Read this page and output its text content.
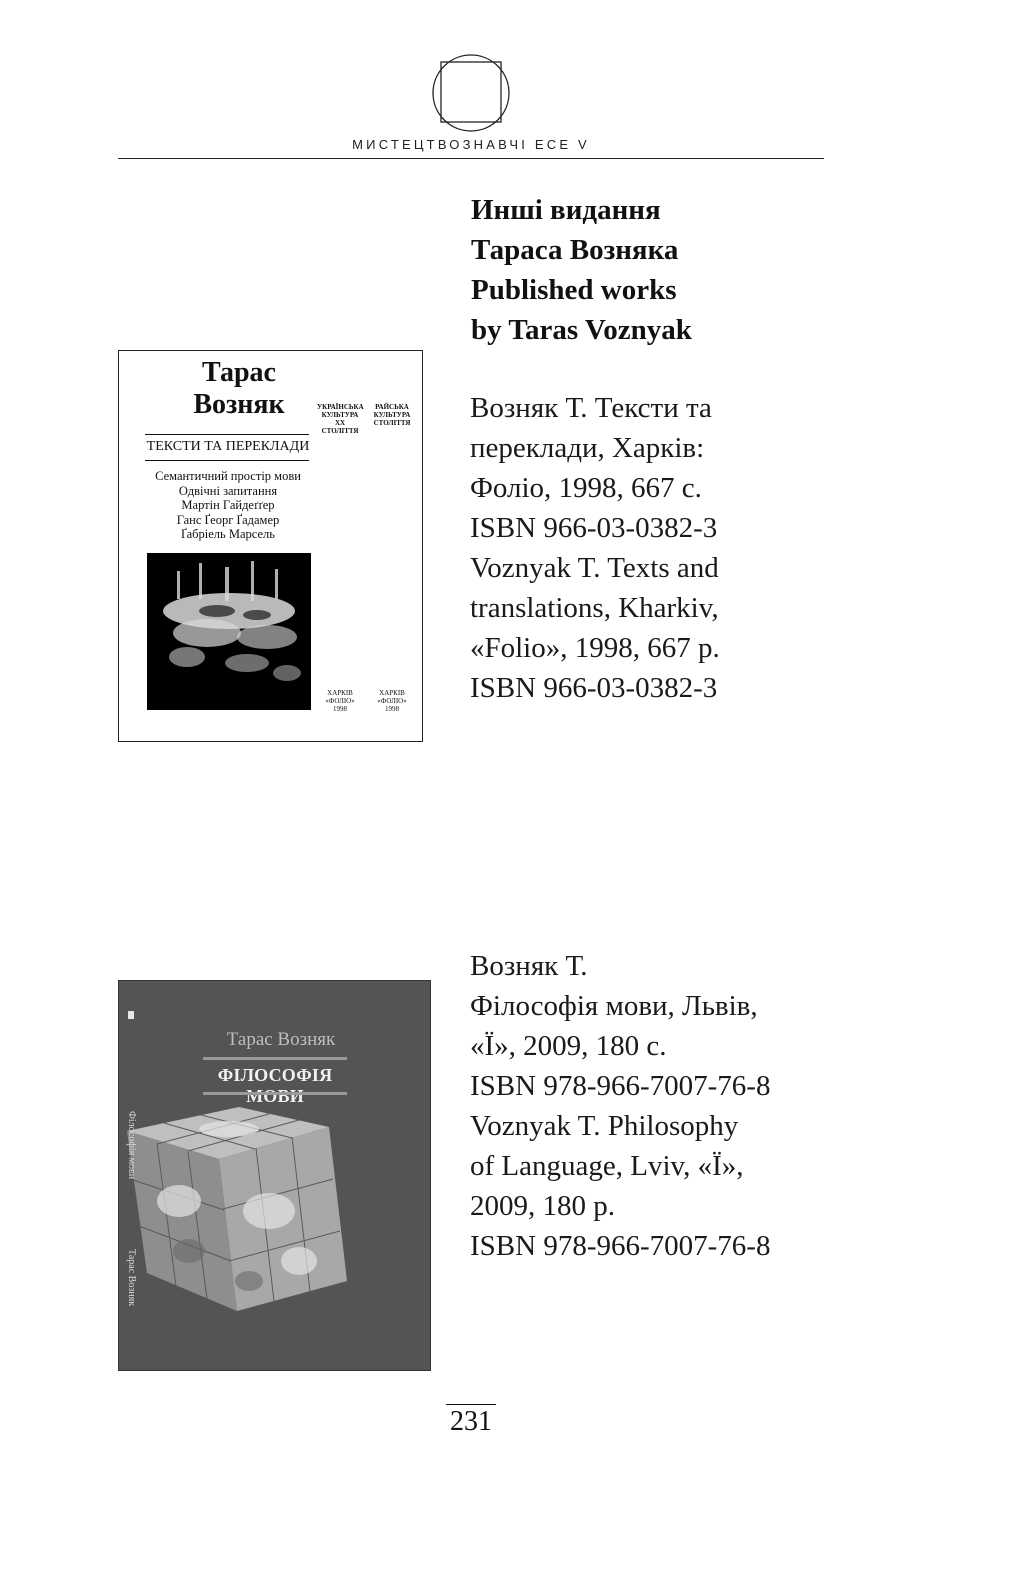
МИСТЕЦТВОЗНАВЧІ ЕСЕ V
Инші видання
Тараса Возняка
Published works
by Taras Voznyak
Тарас
Возняк	УКРАЇНСЬКА
КУЛЬТУРА
XX СТОЛІТТЯ
РАЙСЬКА
КУЛЬТУРА
СТОЛІТТЯ
ТЕКСТИ ТА ПЕРЕКЛАДИ
Семантичний простір мови
Одвічні запитання
Мартін Гайдеґґер
Ганс Ґеорг Ґадамер
Ґабріель Марсель
ХАРКІВ
«ФОЛІО»
1998
ХАРКІВ
«ФОЛІО»
1998
Возняк Т. Тексти та
переклади, Харків:
Фоліо, 1998, 667 с.
ISBN 966-03-0382-3
Voznyak T. Texts and
translations, Kharkiv,
«Folio», 1998, 667 p.
ISBN 966-03-0382-3
Тарас Возняк
ФІЛОСОФІЯ МОВИ
Філософія мови
Тарас Возняк
Возняк Т.
Філософія мови, Львів,
«Ї», 2009, 180 с.
ISBN 978-966-7007-76-8
Voznyak T. Philosophy
of Language, Lviv, «Ї»,
2009, 180 p.
ISBN 978-966-7007-76-8
231
